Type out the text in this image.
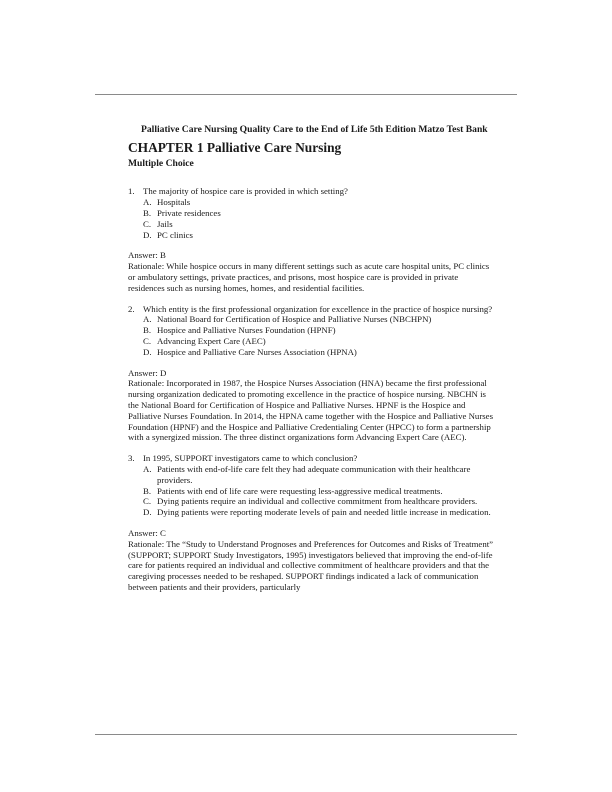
Palliative Care Nursing Quality Care to the End of Life 5th Edition Matzo Test Bank
CHAPTER 1 Palliative Care Nursing
Multiple Choice
1. The majority of hospice care is provided in which setting?
A. Hospitals
B. Private residences
C. Jails
D. PC clinics
Answer: B
Rationale: While hospice occurs in many different settings such as acute care hospital units, PC clinics or ambulatory settings, private practices, and prisons, most hospice care is provided in private residences such as nursing homes, homes, and residential facilities.
2. Which entity is the first professional organization for excellence in the practice of hospice nursing?
A. National Board for Certification of Hospice and Palliative Nurses (NBCHPN)
B. Hospice and Palliative Nurses Foundation (HPNF)
C. Advancing Expert Care (AEC)
D. Hospice and Palliative Care Nurses Association (HPNA)
Answer: D
Rationale: Incorporated in 1987, the Hospice Nurses Association (HNA) became the first professional nursing organization dedicated to promoting excellence in the practice of hospice nursing. NBCHN is the National Board for Certification of Hospice and Palliative Nurses. HPNF is the Hospice and Palliative Nurses Foundation. In 2014, the HPNA came together with the Hospice and Palliative Nurses Foundation (HPNF) and the Hospice and Palliative Credentialing Center (HPCC) to form a partnership with a synergized mission. The three distinct organizations form Advancing Expert Care (AEC).
3. In 1995, SUPPORT investigators came to which conclusion?
A. Patients with end-of-life care felt they had adequate communication with their healthcare providers.
B. Patients with end of life care were requesting less-aggressive medical treatments.
C. Dying patients require an individual and collective commitment from healthcare providers.
D. Dying patients were reporting moderate levels of pain and needed little increase in medication.
Answer: C
Rationale: The “Study to Understand Prognoses and Preferences for Outcomes and Risks of Treatment” (SUPPORT; SUPPORT Study Investigators, 1995) investigators believed that improving the end-of-life care for patients required an individual and collective commitment of healthcare providers and that the caregiving processes needed to be reshaped. SUPPORT findings indicated a lack of communication between patients and their providers, particularly
